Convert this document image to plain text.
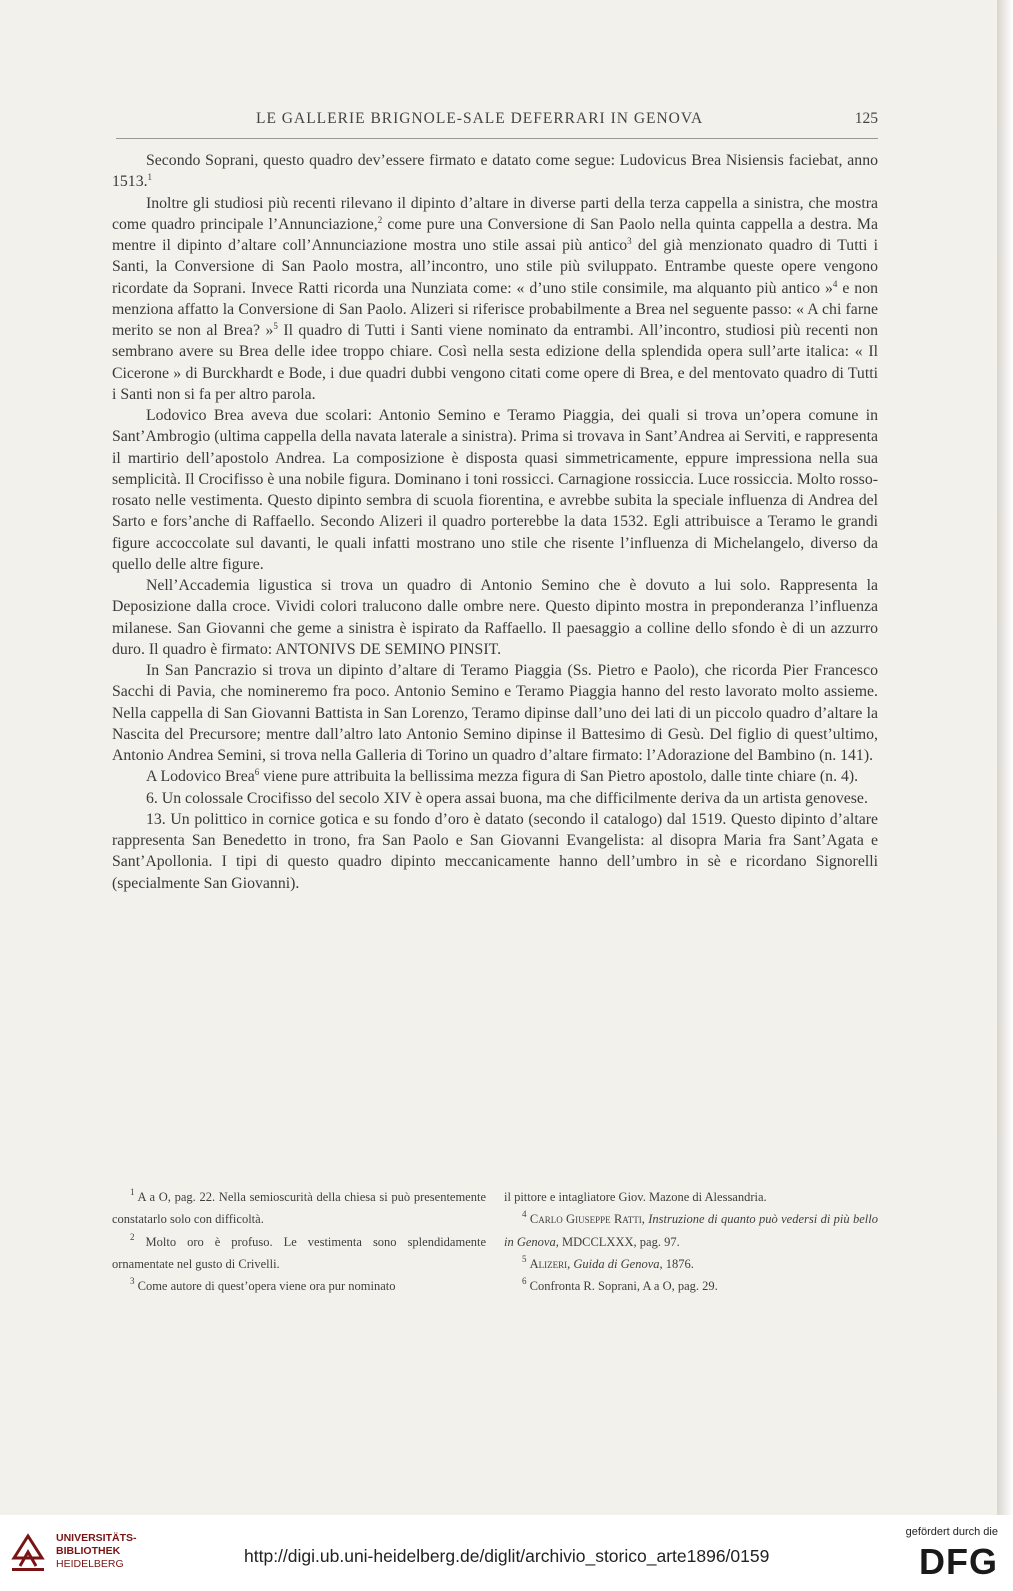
LE GALLERIE BRIGNOLE-SALE DEFERRARI IN GENOVA	125

Secondo Soprani, questo quadro dev’essere firmato e datato come segue: Ludovicus Brea Nisiensis faciebat, anno 1513.$^1$

Inoltre gli studiosi più recenti rilevano il dipinto d’altare in diverse parti della terza cappella a sinistra, che mostra come quadro principale l’Annunciazione,$^2$ come pure una Conversione di San Paolo nella quinta cappella a destra. Ma mentre il dipinto d’altare coll’Annunciazione mostra uno stile assai più antico$^3$ del già menzionato quadro di Tutti i Santi, la Conversione di San Paolo mostra, all’incontro, uno stile più sviluppato. Entrambe queste opere vengono ricordate da Soprani. Invece Ratti ricorda una Nunziata come: « d’uno stile consimile, ma alquanto più antico »$^4$ e non menziona affatto la Conversione di San Paolo. Alizeri si riferisce probabilmente a Brea nel seguente passo: « A chi farne merito se non al Brea? »$^5$ Il quadro di Tutti i Santi viene nominato da entrambi. All’incontro, studiosi più recenti non sembrano avere su Brea delle idee troppo chiare. Così nella sesta edizione della splendida opera sull’arte italica: « Il Cicerone » di Burckhardt e Bode, i due quadri dubbi vengono citati come opere di Brea, e del mentovato quadro di Tutti i Santi non si fa per altro parola.

Lodovico Brea aveva due scolari: Antonio Semino e Teramo Piaggia, dei quali si trova un’opera comune in Sant’Ambrogio (ultima cappella della navata laterale a sinistra). Prima si trovava in Sant’Andrea ai Serviti, e rappresenta il martirio dell’apostolo Andrea. La composizione è disposta quasi simmetricamente, eppure impressiona nella sua semplicità. Il Crocifisso è una nobile figura. Dominano i toni rossicci. Carnagione rossiccia. Luce rossiccia. Molto rosso-rosato nelle vestimenta. Questo dipinto sembra di scuola fiorentina, e avrebbe subita la speciale influenza di Andrea del Sarto e fors’anche di Raffaello. Secondo Alizeri il quadro porterebbe la data 1532. Egli attribuisce a Teramo le grandi figure accoccolate sul davanti, le quali infatti mostrano uno stile che risente l’influenza di Michelangelo, diverso da quello delle altre figure.

Nell’Accademia ligustica si trova un quadro di Antonio Semino che è dovuto a lui solo. Rappresenta la Deposizione dalla croce. Vividi colori tralucono dalle ombre nere. Questo dipinto mostra in preponderanza l’influenza milanese. San Giovanni che geme a sinistra è ispirato da Raffaello. Il paesaggio a colline dello sfondo è di un azzurro duro. Il quadro è firmato: ANTONIVS DE SEMINO PINSIT.

In San Pancrazio si trova un dipinto d’altare di Teramo Piaggia (Ss. Pietro e Paolo), che ricorda Pier Francesco Sacchi di Pavia, che nomineremo fra poco. Antonio Semino e Teramo Piaggia hanno del resto lavorato molto assieme. Nella cappella di San Giovanni Battista in San Lorenzo, Teramo dipinse dall’uno dei lati di un piccolo quadro d’altare la Nascita del Precursore; mentre dall’altro lato Antonio Semino dipinse il Battesimo di Gesù. Del figlio di quest’ultimo, Antonio Andrea Semini, si trova nella Galleria di Torino un quadro d’altare firmato: l’Adorazione del Bambino (n. 141).

A Lodovico Brea$^6$ viene pure attribuita la bellissima mezza figura di San Pietro apostolo, dalle tinte chiare (n. 4).

6. Un colossale Crocifisso del secolo XIV è opera assai buona, ma che difficilmente deriva da un artista genovese.

13. Un polittico in cornice gotica e su fondo d’oro è datato (secondo il catalogo) dal 1519. Questo dipinto d’altare rappresenta San Benedetto in trono, fra San Paolo e San Giovanni Evangelista: al disopra Maria fra Sant’Agata e Sant’Apollonia. I tipi di questo quadro dipinto meccanicamente hanno dell’umbro in sè e ricordano Signorelli (specialmente San Giovanni).

$^1$ A a O, pag. 22. Nella semioscurità della chiesa si può presentemente constatarlo solo con difficoltà.
$^2$ Molto oro è profuso. Le vestimenta sono splendidamente ornamentate nel gusto di Crivelli.
$^3$ Come autore di quest’opera viene ora pur nominato
il pittore e intagliatore Giov. Mazone di Alessandria.
$^4$ Carlo Giuseppe Ratti, Instruzione di quanto può vedersi di più bello in Genova, MDCCLXXX, pag. 97.
$^5$ Alizeri, Guida di Genova, 1876.
$^6$ Confronta R. Soprani, A a O, pag. 29.
UNIVERSITÄTS-
BIBLIOTHEK
HEIDELBERG	http://digi.ub.uni-heidelberg.de/diglit/archivio_storico_arte1896/0159
gefördert durch die
DFG
